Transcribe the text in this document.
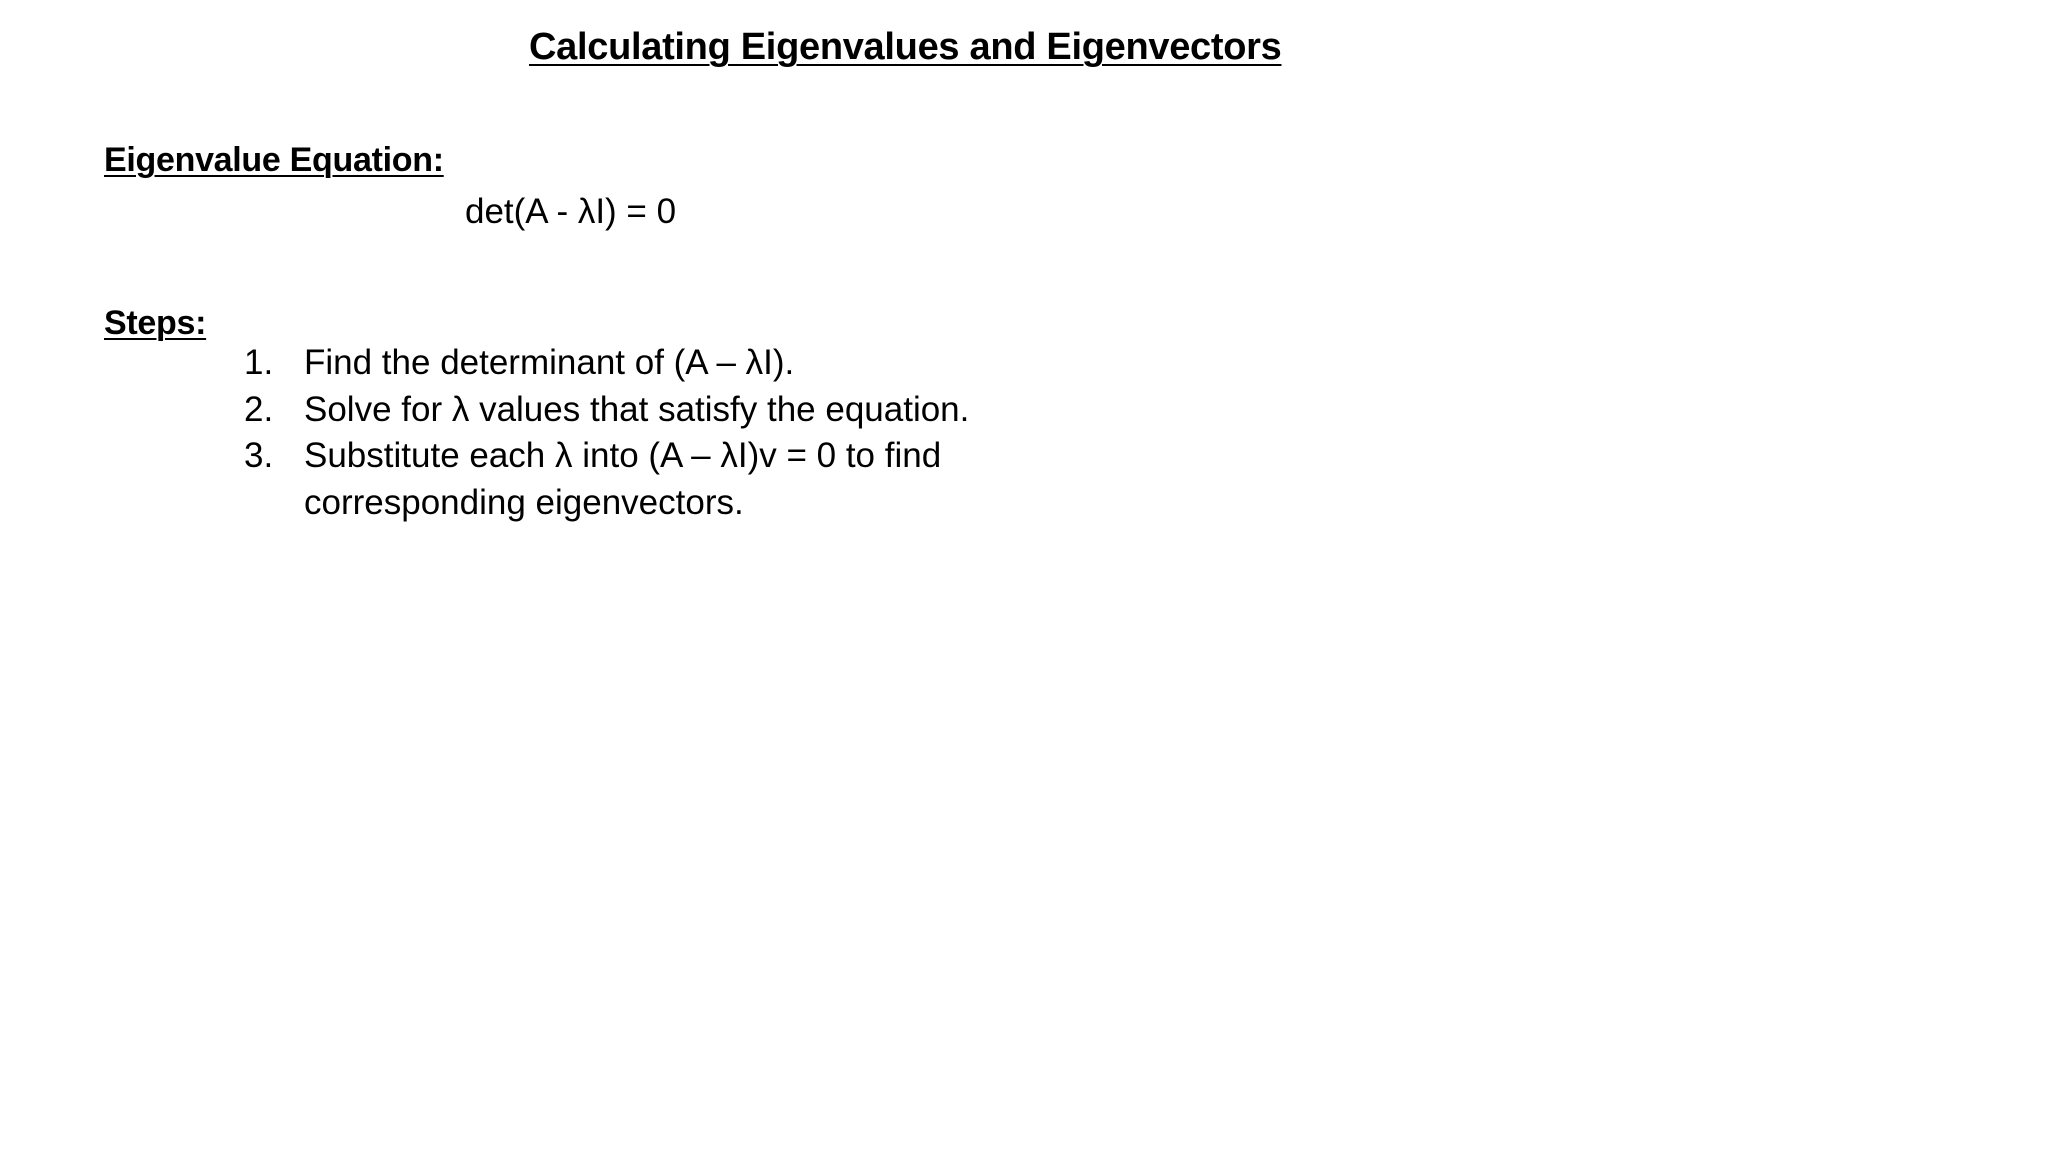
Calculating Eigenvalues and Eigenvectors
Eigenvalue Equation:
det(A - λI) = 0
Steps:
1. Find the determinant of (A – λI).
2. Solve for λ values that satisfy the equation.
3. Substitute each λ into (A – λI)v = 0 to find corresponding eigenvectors.
